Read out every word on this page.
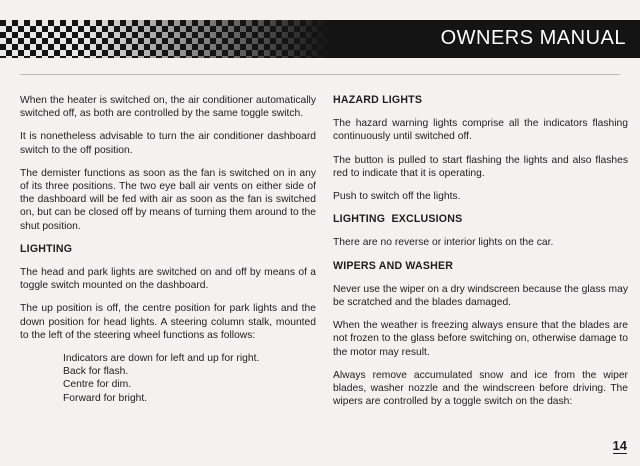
OWNERS MANUAL

When the heater is switched on, the air conditioner automatically switched off, as both are controlled by the same toggle switch.

It is nonetheless advisable to turn the air conditioner dashboard switch to the off position.

The demister functions as soon as the fan is switched on in any of its three positions. The two eye ball air vents on either side of the dashboard will be fed with air as soon as the fan is switched on, but can be closed off by means of turning them around to the shut position.

LIGHTING

The head and park lights are switched on and off by means of a toggle switch mounted on the dashboard.

The up position is off, the centre position for park lights and the down position for head lights. A steering column stalk, mounted to the left of the steering wheel functions as follows:

Indicators are down for left and up for right.
Back for flash.
Centre for dim.
Forward for bright.
HAZARD LIGHTS

The hazard warning lights comprise all the indicators flashing continuously until switched off.

The button is pulled to start flashing the lights and also flashes red to indicate that it is operating.

Push to switch off the lights.

LIGHTING  EXCLUSIONS

There are no reverse or interior lights on the car.

WIPERS AND WASHER

Never use the wiper on a dry windscreen because the glass may be scratched and the blades damaged.

When the weather is freezing always ensure that the blades are not frozen to the glass before switching on, otherwise damage to the motor may result.

Always remove accumulated snow and ice from the wiper blades, washer nozzle and the windscreen before driving. The wipers are controlled by a toggle switch on the dash:

14
